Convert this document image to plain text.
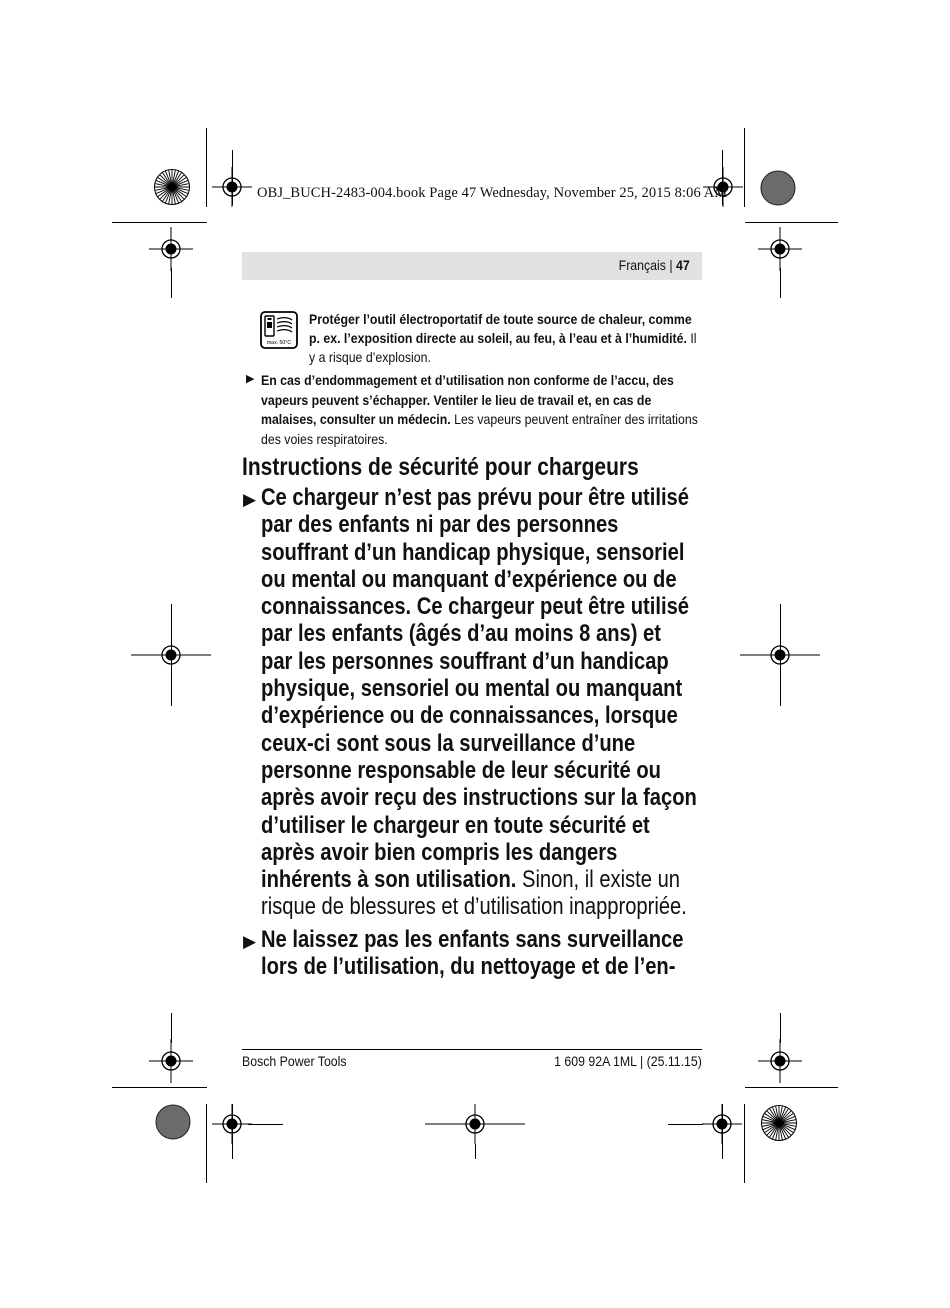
OBJ_BUCH-2483-004.book Page 47 Wednesday, November 25, 2015 8:06 AM
Français | 47
max. 50°C
Protéger l’outil électroportatif de toute source de chaleur, comme p. ex. l’exposition directe au soleil, au feu, à l’eau et à l’humidité. Il y a risque d’explosion.
▶ En cas d’endommagement et d’utilisation non conforme de l’accu, des vapeurs peuvent s’échapper. Ventiler le lieu de travail et, en cas de malaises, consulter un médecin. Les vapeurs peuvent entraîner des irritations des voies respiratoires.
Instructions de sécurité pour chargeurs
▶ Ce chargeur n’est pas prévu pour être utilisé par des enfants ni par des personnes souffrant d’un handicap physique, sensoriel ou mental ou manquant d’expérience ou de connaissances. Ce chargeur peut être utilisé par les enfants (âgés d’au moins 8 ans) et par les personnes souffrant d’un handicap physique, sensoriel ou mental ou manquant d’expérience ou de connaissances, lorsque ceux-ci sont sous la surveillance d’une personne responsable de leur sécurité ou après avoir reçu des instructions sur la façon d’utiliser le chargeur en toute sécurité et après avoir bien compris les dangers inhérents à son utilisation. Sinon, il existe un risque de blessures et d’utilisation inappropriée.
▶ Ne laissez pas les enfants sans surveillance lors de l’utilisation, du nettoyage et de l’en-
Bosch Power Tools	1 609 92A 1ML | (25.11.15)
